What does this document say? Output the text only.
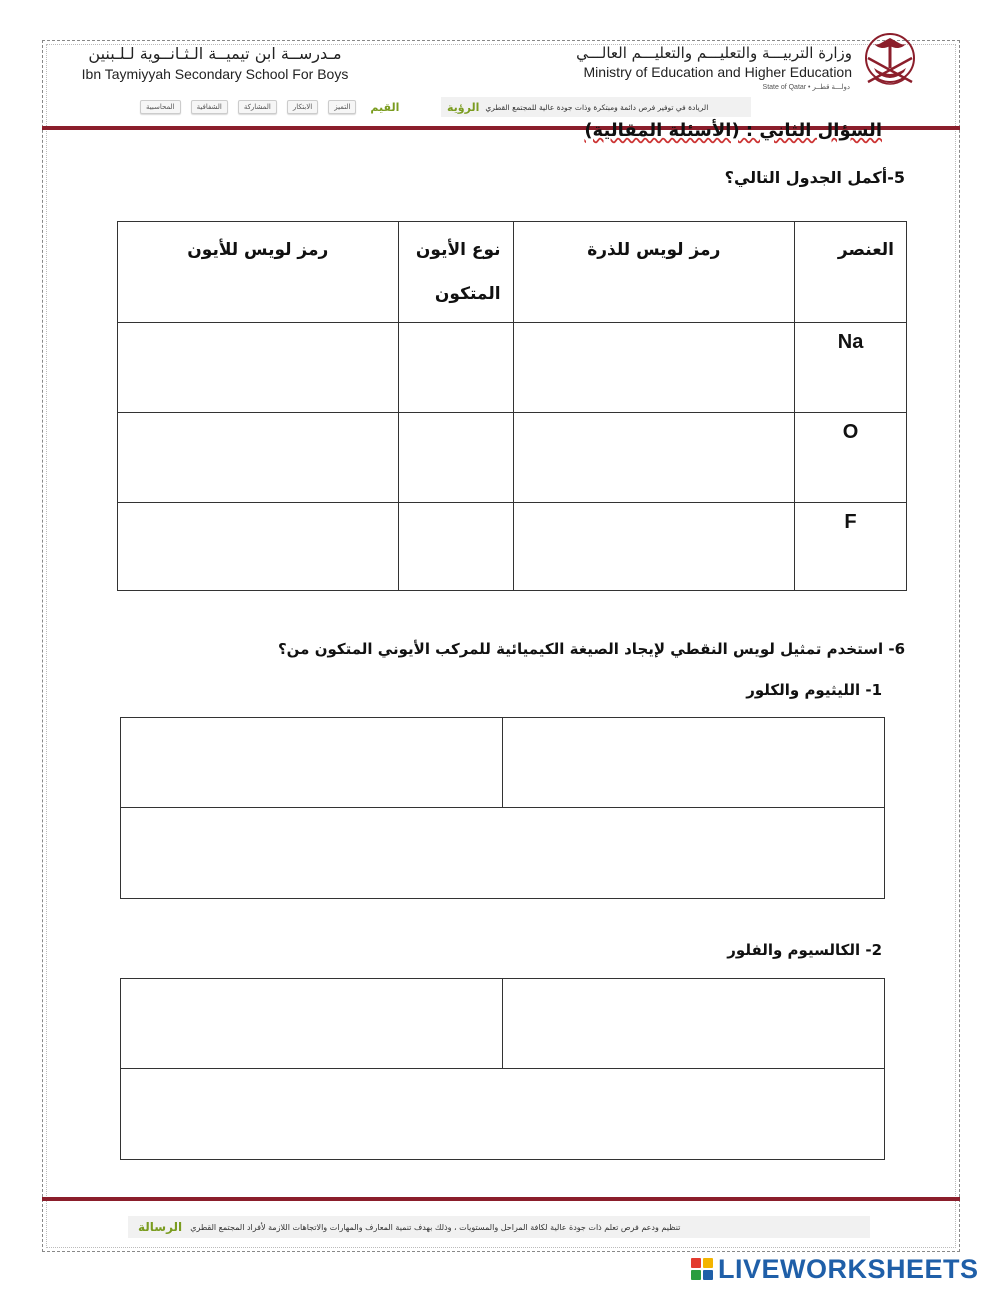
مـدرســة ابن تيميــة الـثـانــوية لـلـبنين
Ibn Taymiyyah Secondary School For Boys
وزارة التربيـــة والتعليـــم والتعليـــم العالـــي
Ministry of Education and Higher Education
State of Qatar • دولـــة قطــر
القيم
التميز
الابتكار
المشاركة
الشفافية
المحاسبية	الرؤية الريادة في توفير فرص دائمة ومبتكرة وذات جودة عالية للمجتمع القطري
السؤال الثاني : (الأسئلة المقالية)
5-أكمل الجدول التالي؟
العنصر	رمز لويس للذرة	نوع الأيون
المتكون	رمز لويس للأيون
Na			
O			
F			
6- استخدم تمثيل لويس النقطي لإيجاد الصيغة الكيميائية للمركب الأيوني المتكون من؟
1- الليثيوم والكلور
2- الكالسيوم والفلور
الرسالة تنظيم ودعم فرص تعلم ذات جودة عالية لكافة المراحل والمستويات ، وذلك بهدف تنمية المعارف والمهارات والاتجاهات اللازمة لأفراد المجتمع القطري
LIVEWORKSHEETS
